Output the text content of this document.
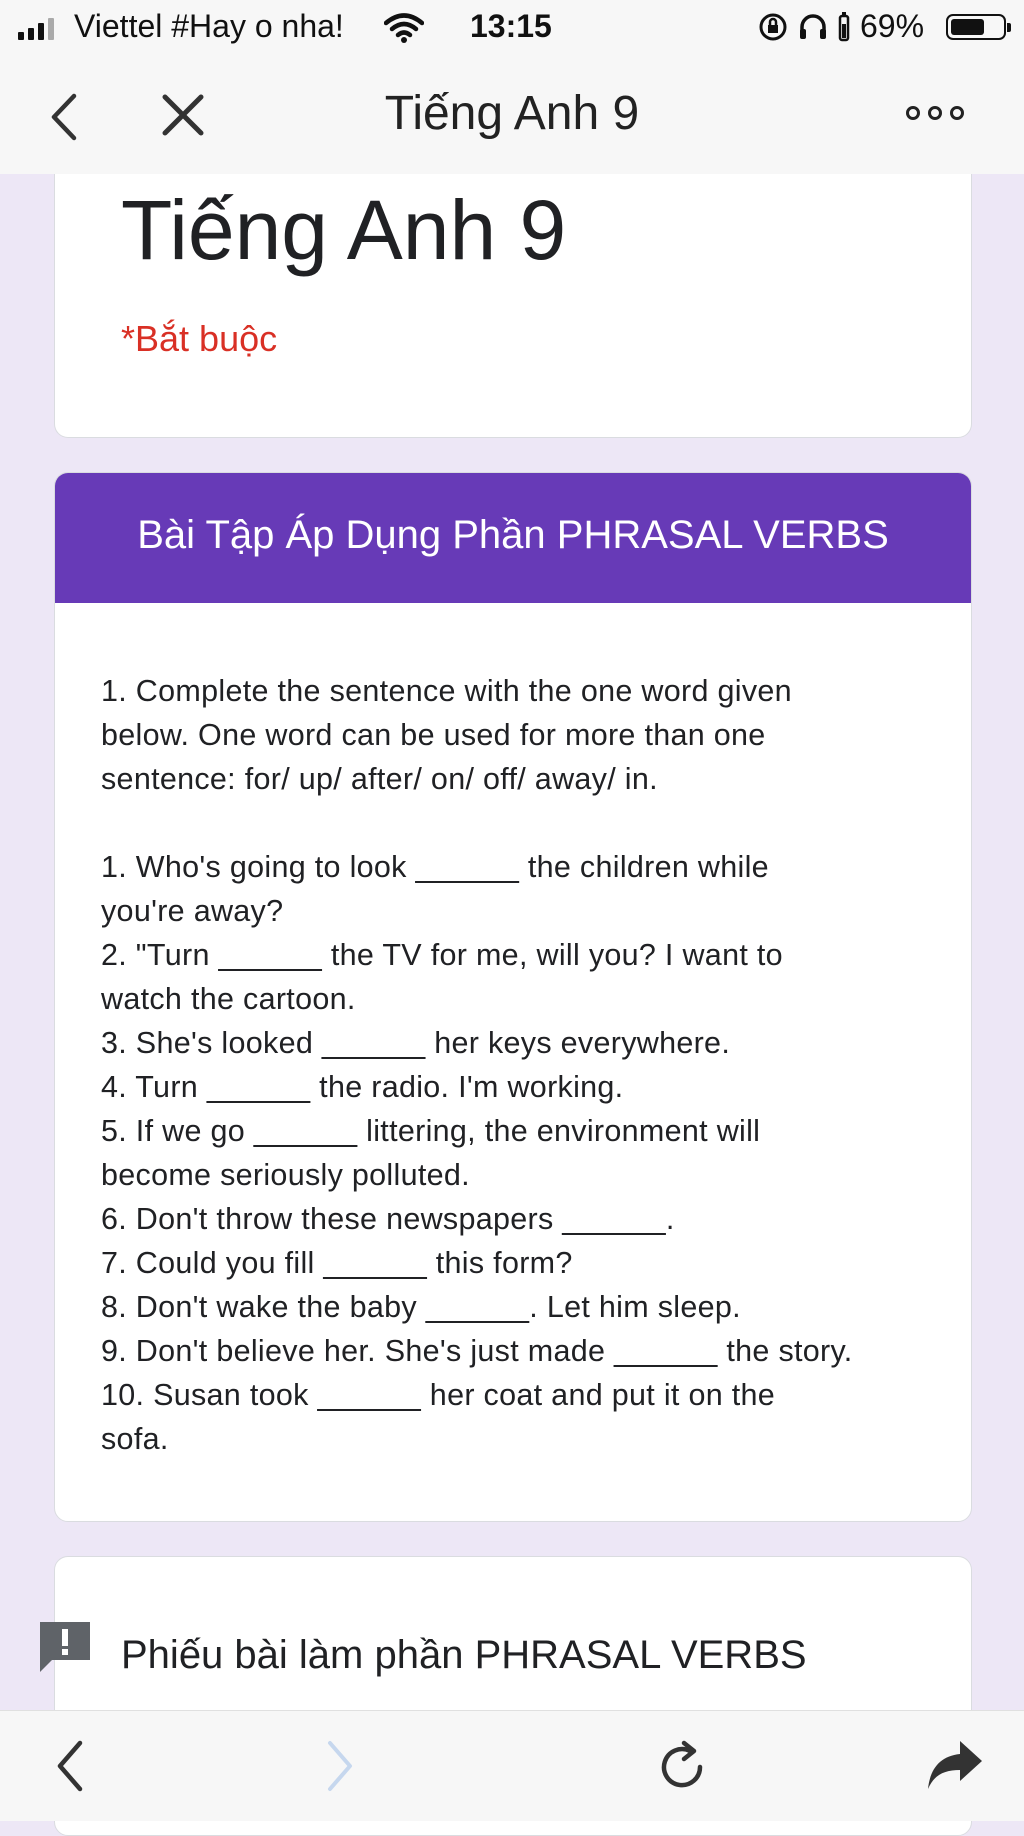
Viettel #Hay o nha!	13:15	69%
Tiếng Anh 9
Tiếng Anh 9
*Bắt buộc
Bài Tập Áp Dụng Phần PHRASAL VERBS

1. Complete the sentence with the one word given

below. One word can be used for more than one

sentence: for/ up/ after/ on/ off/ away/ in.

1. Who's going to look ______ the children while

you're away?

2. "Turn ______ the TV for me, will you? I want to

watch the cartoon.

3. She's looked ______ her keys everywhere.

4. Turn ______ the radio. I'm working.

5. If we go ______ littering, the environment will

become seriously polluted.

6. Don't throw these newspapers ______.

7. Could you fill ______ this form?

8. Don't wake the baby ______. Let him sleep.

9. Don't believe her. She's just made ______ the story.

10. Susan took ______ her coat and put it on the

sofa.

Phiếu bài làm phần PHRASAL VERBS
